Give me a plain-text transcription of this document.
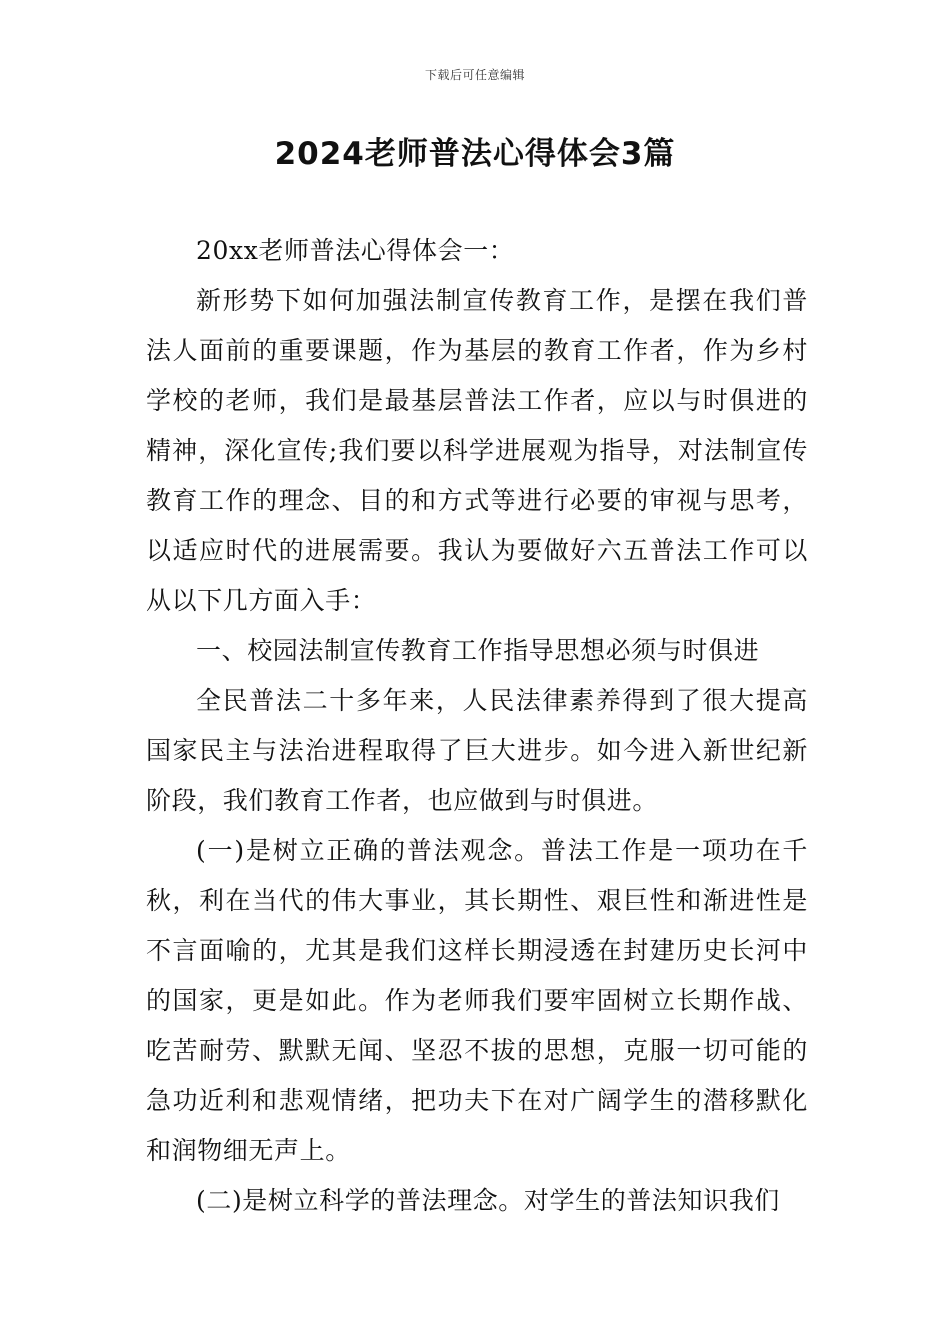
下载后可任意编辑
2024老师普法心得体会3篇

20xx老师普法心得体会一：

新形势下如何加强法制宣传教育工作，是摆在我们普法人面前的重要课题，作为基层的教育工作者，作为乡村学校的老师，我们是最基层普法工作者，应以与时俱进的精神，深化宣传;我们要以科学进展观为指导，对法制宣传教育工作的理念、目的和方式等进行必要的审视与思考，以适应时代的进展需要。我认为要做好六五普法工作可以从以下几方面入手：

一、校园法制宣传教育工作指导思想必须与时俱进

全民普法二十多年来，人民法律素养得到了很大提高国家民主与法治进程取得了巨大进步。如今进入新世纪新阶段，我们教育工作者，也应做到与时俱进。

(一)是树立正确的普法观念。普法工作是一项功在千秋，利在当代的伟大事业，其长期性、艰巨性和渐进性是不言面喻的，尤其是我们这样长期浸透在封建历史长河中的国家，更是如此。作为老师我们要牢固树立长期作战、吃苦耐劳、默默无闻、坚忍不拔的思想，克服一切可能的急功近利和悲观情绪，把功夫下在对广阔学生的潜移默化和润物细无声上。

(二)是树立科学的普法理念。对学生的普法知识我们
